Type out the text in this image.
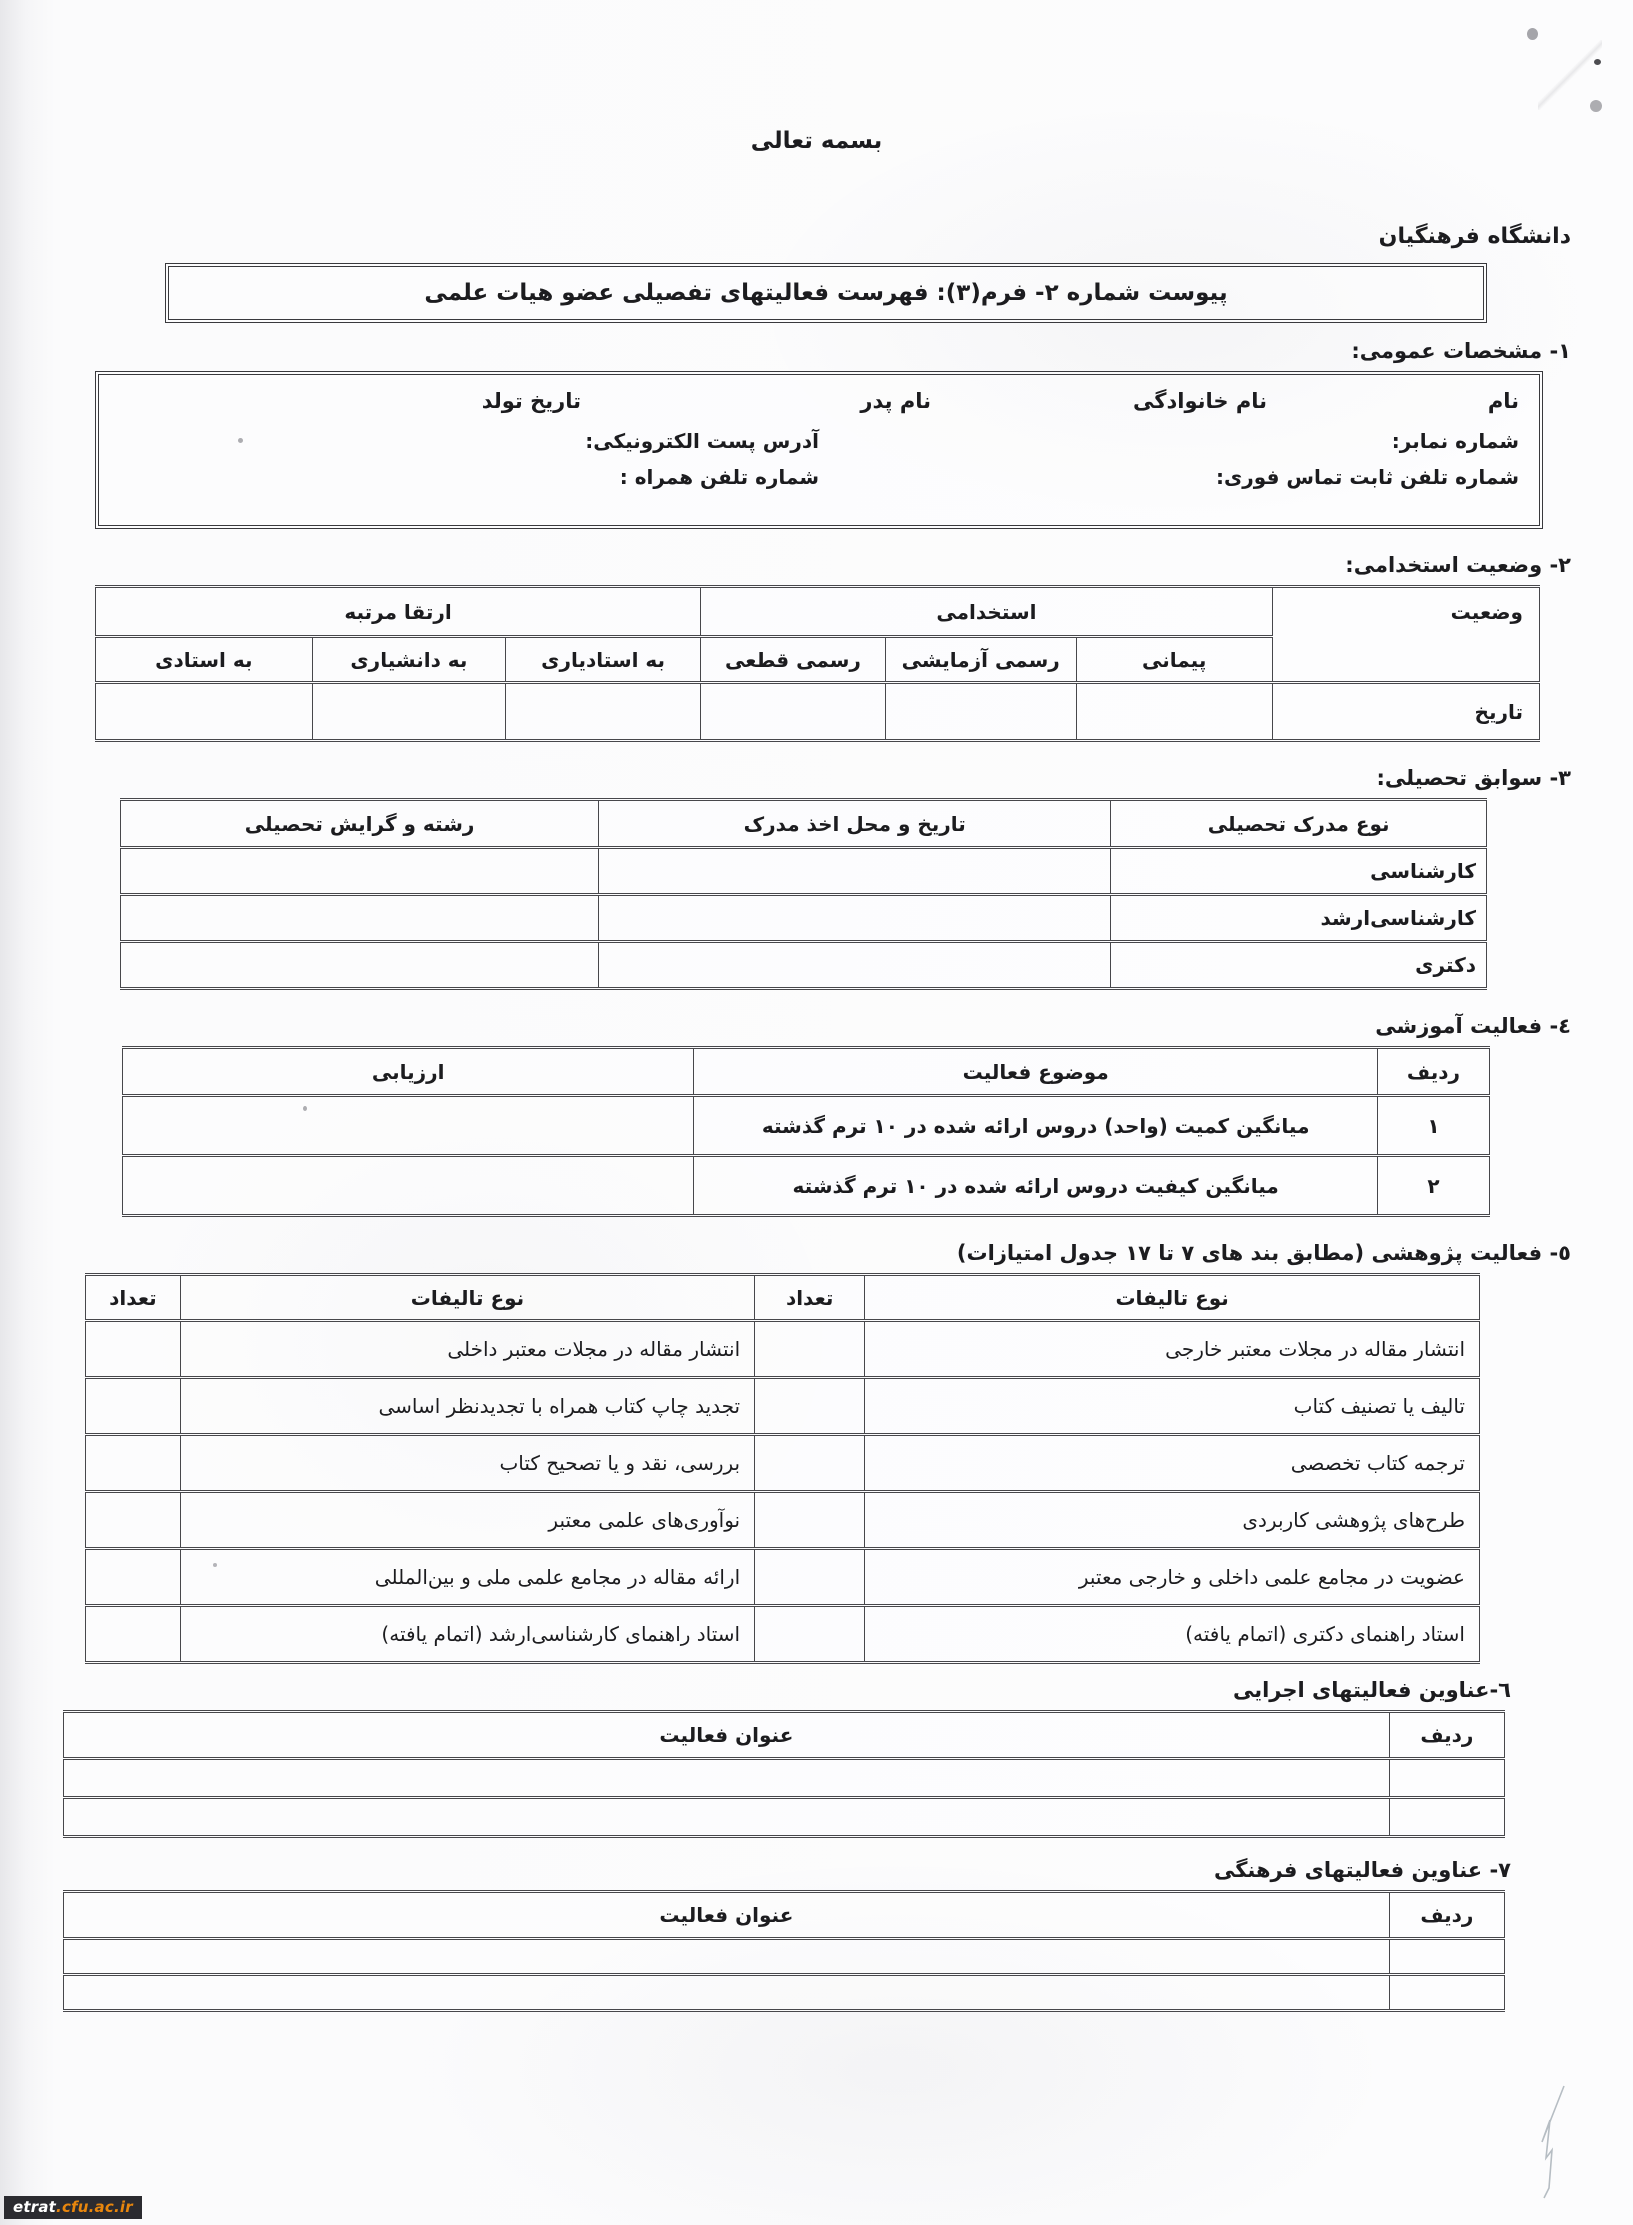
بسمه تعالی
دانشگاه فرهنگیان
پیوست شماره ۲- فرم(۳): فهرست فعالیتهای تفصیلی عضو هیات علمی
۱- مشخصات عمومی:
نام
نام خانوادگی
نام پدر
تاریخ تولد
شماره نمابر:
آدرس پست الکترونیکی:
شماره تلفن ثابت تماس فوری:
شماره تلفن همراه :
۲- وضعیت استخدامی:
وضعیت	استخدامی			ارتقا مرتبه		
	پیمانی	رسمی آزمایشی	رسمی قطعی	به استادیاری	به دانشیاری	به استادی
تاریخ						
۳- سوابق تحصیلی:
نوع مدرک تحصیلی	تاریخ و محل اخذ مدرک	رشته و گرایش تحصیلی
کارشناسی		
کارشناسی‌ارشد		
دکتری		
٤- فعالیت آموزشی
ردیف	موضوع فعالیت	ارزیابی
۱	میانگین کمیت (واحد) دروس ارائه شده در ۱۰ ترم گذشته	
۲	میانگین کیفیت دروس ارائه شده در ۱۰ ترم گذشته	
٥- فعالیت پژوهشی (مطابق بند های ۷ تا ۱۷ جدول امتیازات)
نوع تالیفات	تعداد	نوع تالیفات	تعداد
انتشار مقاله در مجلات معتبر خارجی		انتشار مقاله در مجلات معتبر داخلی	
تالیف یا تصنیف کتاب		تجدید چاپ کتاب همراه با تجدیدنظر اساسی	
ترجمه کتاب تخصصی		بررسی، نقد و یا تصحیح کتاب	
طرح‌های پژوهشی کاربردی		نوآوری‌های علمی معتبر	
عضویت در مجامع علمی داخلی و خارجی معتبر		ارائه مقاله در مجامع علمی ملی و بین‌المللی	
استاد راهنمای دکتری (اتمام یافته)		استاد راهنمای کارشناسی‌ارشد (اتمام یافته)	
٦-عناوین فعالیتهای اجرایی
ردیف	عنوان فعالیت

۷- عناوین فعالیتهای فرهنگی
ردیف	عنوان فعالیت

etrat.cfu.ac.ir
